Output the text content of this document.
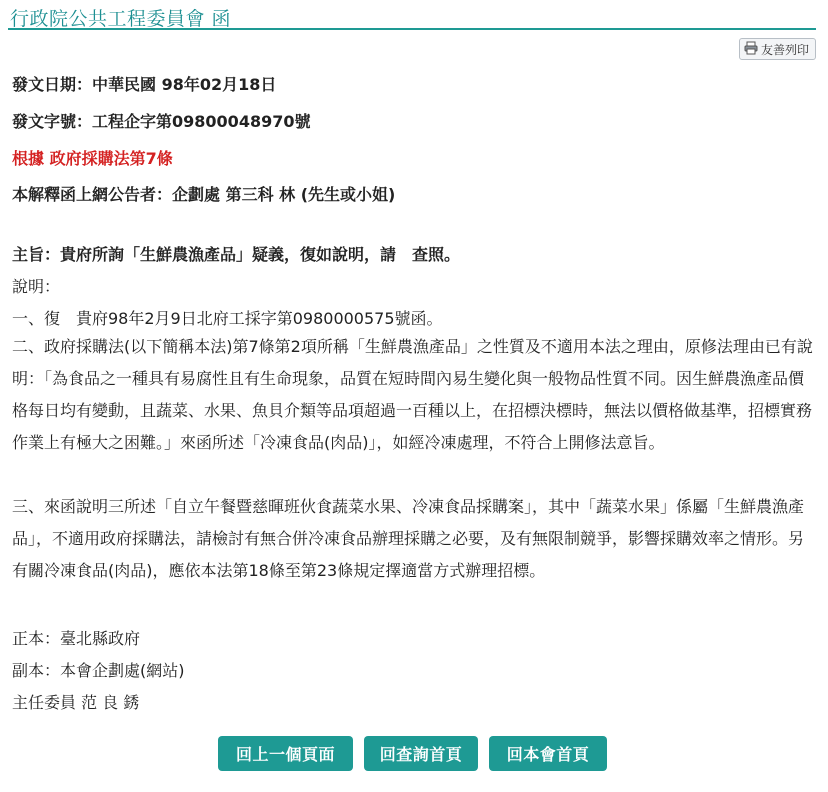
行政院公共工程委員會 函
友善列印
發文日期：中華民國 98年02月18日
發文字號：工程企字第09800048970號
根據 政府採購法第7條
本解釋函上網公告者：企劃處 第三科 林 (先生或小姐)
主旨：貴府所詢「生鮮農漁產品」疑義，復如說明，請　查照。
說明：
一、復　貴府98年2月9日北府工採字第0980000575號函。
二、政府採購法(以下簡稱本法)第7條第2項所稱「生鮮農漁產品」之性質及不適用本法之理由，原修法理由已有說明：「為食品之一種具有易腐性且有生命現象，品質在短時間內易生變化與一般物品性質不同。因生鮮農漁產品價格每日均有變動，且蔬菜、水果、魚貝介類等品項超過一百種以上，在招標決標時，無法以價格做基準，招標實務作業上有極大之困難。」來函所述「冷凍食品(肉品)」，如經冷凍處理，不符合上開修法意旨。
三、來函說明三所述「自立午餐暨慈暉班伙食蔬菜水果、冷凍食品採購案」，其中「蔬菜水果」係屬「生鮮農漁產品」，不適用政府採購法，請檢討有無合併冷凍食品辦理採購之必要，及有無限制競爭，影響採購效率之情形。另有關冷凍食品(肉品)，應依本法第18條至第23條規定擇適當方式辦理招標。
正本：臺北縣政府
副本：本會企劃處(網站)
主任委員 范 良 銹
回上一個頁面	回查詢首頁	回本會首頁
